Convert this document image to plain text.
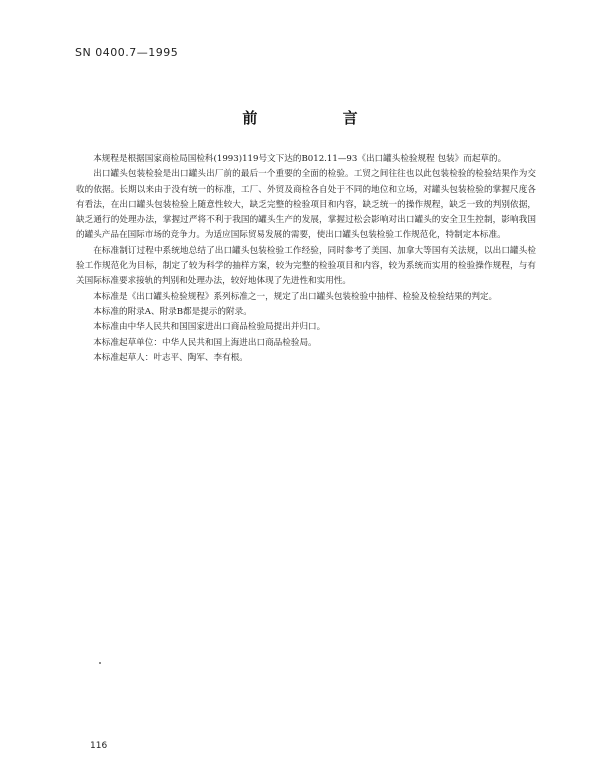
SN 0400.7—1995
前 言

本规程是根据国家商检局国检科(1993)119号文下达的B012.11—93《出口罐头检验规程 包装》而起草的。

出口罐头包装检验是出口罐头出厂前的最后一个重要的全面的检验。工贸之间往往也以此包装检验的检验结果作为交收的依据。长期以来由于没有统一的标准，工厂、外贸及商检各自处于不同的地位和立场，对罐头包装检验的掌握尺度各有看法，在出口罐头包装检验上随意性较大，缺乏完整的检验项目和内容，缺乏统一的操作规程，缺乏一致的判别依据，缺乏通行的处理办法，掌握过严将不利于我国的罐头生产的发展，掌握过松会影响对出口罐头的安全卫生控制，影响我国的罐头产品在国际市场的竞争力。为适应国际贸易发展的需要，使出口罐头包装检验工作规范化，特制定本标准。

在标准制订过程中系统地总结了出口罐头包装检验工作经验，同时参考了美国、加拿大等国有关法规，以出口罐头检验工作规范化为目标，制定了较为科学的抽样方案，较为完整的检验项目和内容，较为系统而实用的检验操作规程，与有关国际标准要求接轨的判别和处理办法，较好地体现了先进性和实用性。

本标准是《出口罐头检验规程》系列标准之一，规定了出口罐头包装检验中抽样、检验及检验结果的判定。

本标准的附录A、附录B都是提示的附录。

本标准由中华人民共和国国家进出口商品检验局提出并归口。

本标准起草单位：中华人民共和国上海进出口商品检验局。

本标准起草人：叶志平、陶军、李有根。

116
